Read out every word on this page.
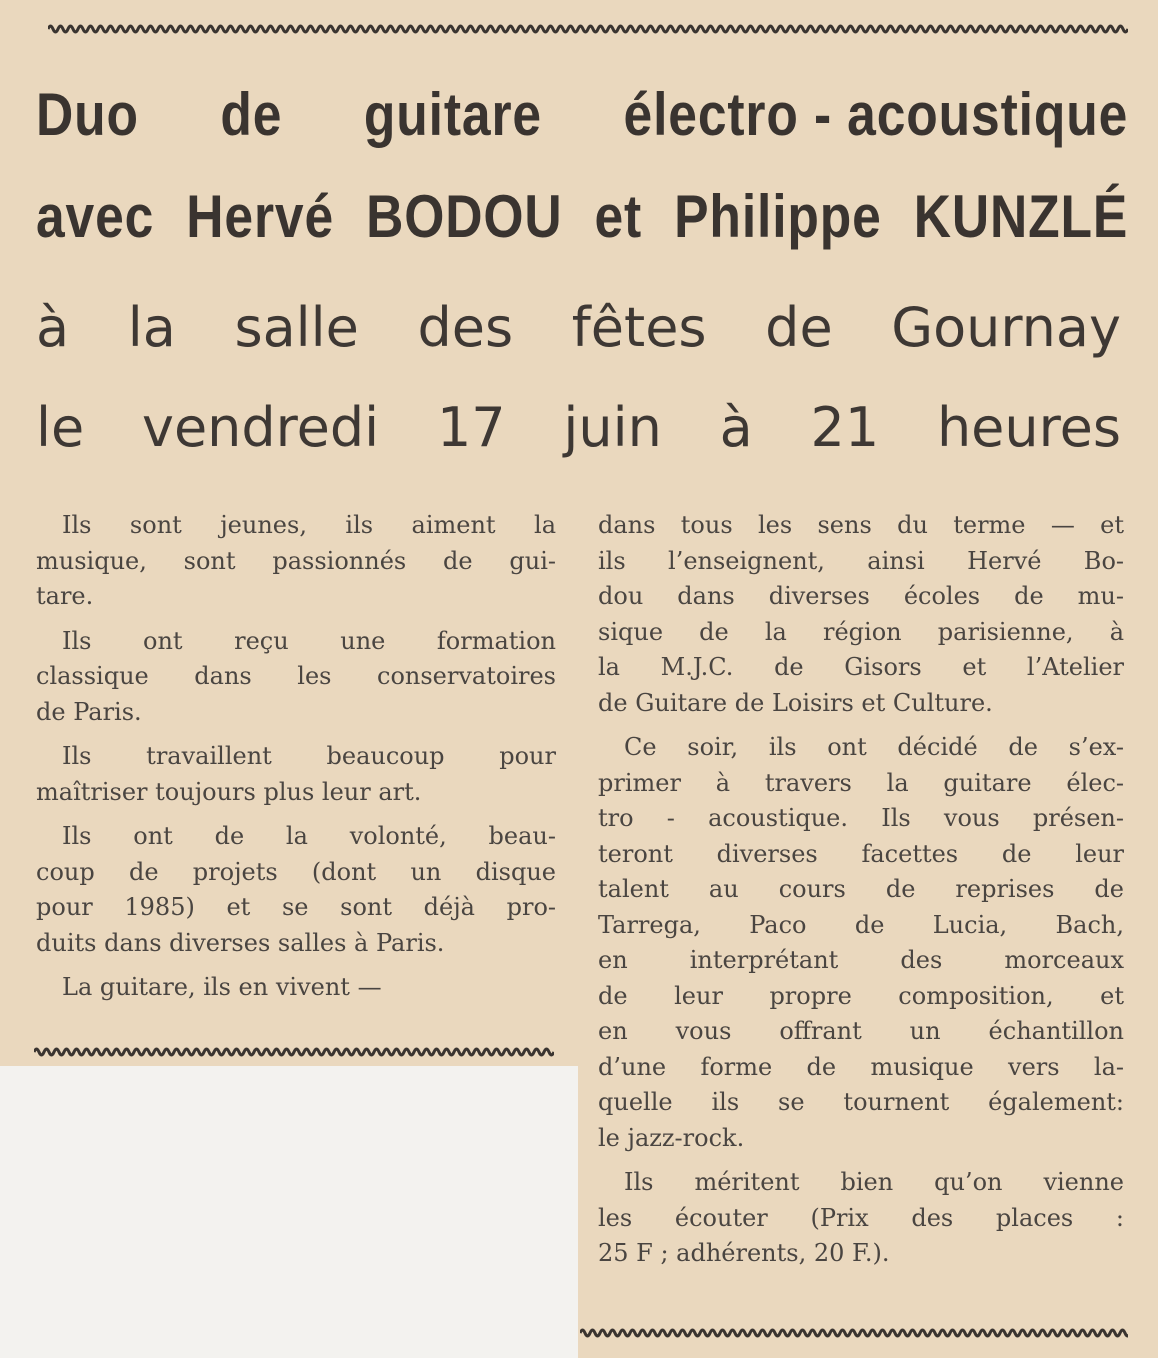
Duo de guitare électro - acoustique
avec Hervé BODOU et Philippe KUNZLÉ
à la salle des fêtes de Gournay
le vendredi 17 juin à 21 heures

Ils sont jeunes, ils aiment la
musique, sont passionnés de gui-
tare.

Ils ont reçu une formation
classique dans les conservatoires
de Paris.

Ils travaillent beaucoup pour
maîtriser toujours plus leur art.

Ils ont de la volonté, beau-
coup de projets (dont un disque
pour 1985) et se sont déjà pro-
duits dans diverses salles à Paris.

La guitare, ils en vivent —

dans tous les sens du terme — et
ils l’enseignent, ainsi Hervé Bo-
dou dans diverses écoles de mu-
sique de la région parisienne, à
la M.J.C. de Gisors et l’Atelier
de Guitare de Loisirs et Culture.

Ce soir, ils ont décidé de s’ex-
primer à travers la guitare élec-
tro - acoustique. Ils vous présen-
teront diverses facettes de leur
talent au cours de reprises de
Tarrega, Paco de Lucia, Bach,
en interprétant des morceaux
de leur propre composition, et
en vous offrant un échantillon
d’une forme de musique vers la-
quelle ils se tournent également:
le jazz-rock.

Ils méritent bien qu’on vienne
les écouter (Prix des places :
25 F ; adhérents, 20 F.).
